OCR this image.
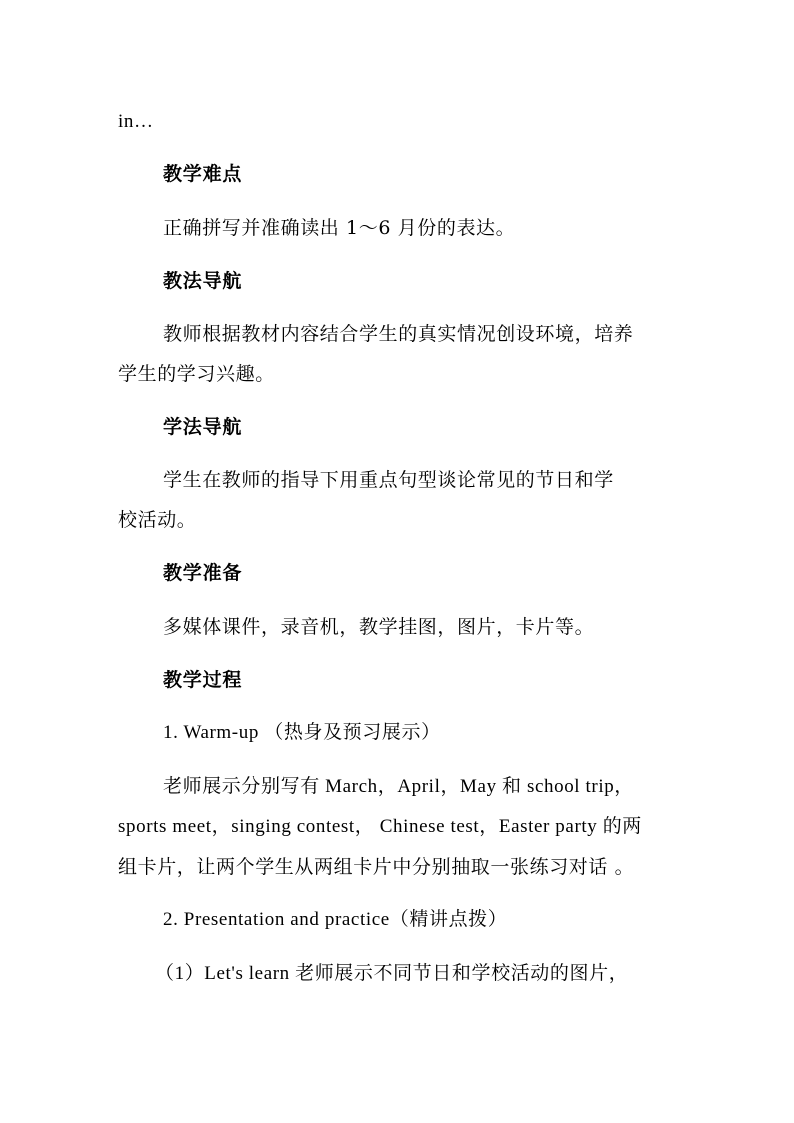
in…
教学难点
正确拼写并准确读出 1～6 月份的表达。
教法导航
教师根据教材内容结合学生的真实情况创设环境，培养
学生的学习兴趣。
学法导航
学生在教师的指导下用重点句型谈论常见的节日和学
校活动。
教学准备
多媒体课件，录音机，教学挂图，图片，卡片等。
教学过程
1. Warm-up （热身及预习展示）
老师展示分别写有 March，April，May 和 school trip，
sports meet，singing contest， Chinese test，Easter party 的两
组卡片，让两个学生从两组卡片中分别抽取一张练习对话 。
2. Presentation and practice（精讲点拨）
（1）Let's learn 老师展示不同节日和学校活动的图片，
